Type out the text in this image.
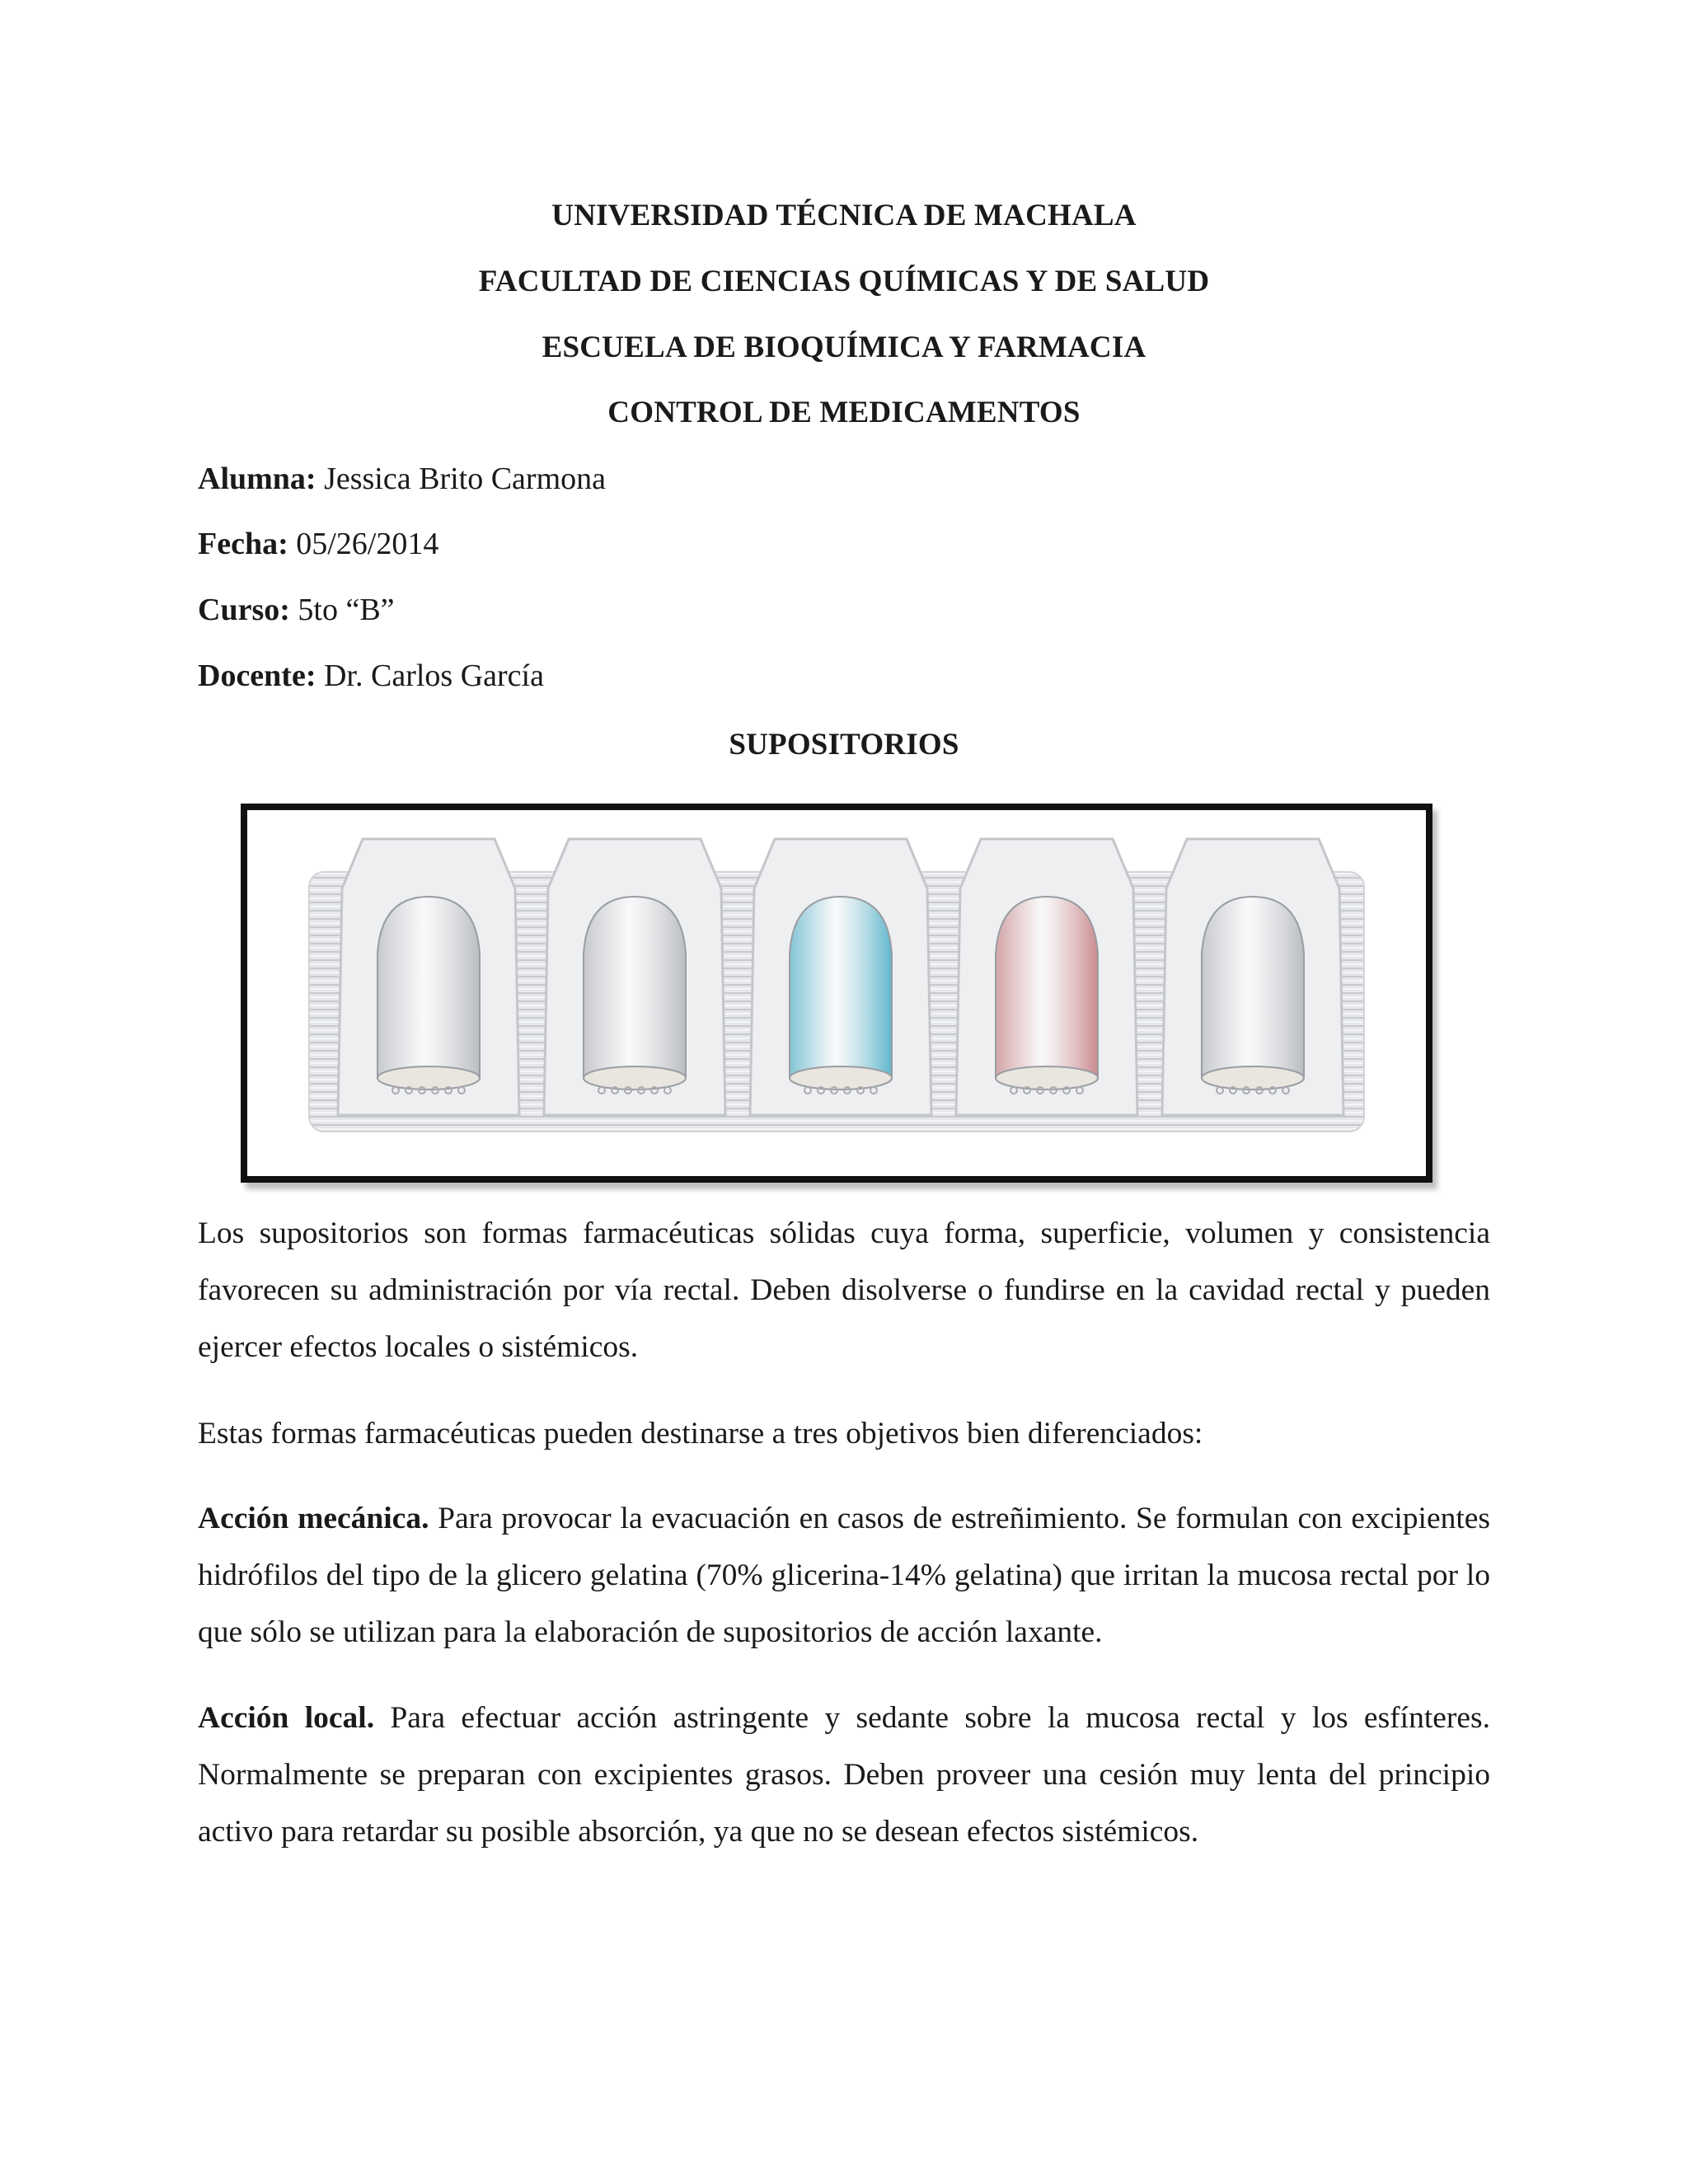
UNIVERSIDAD TÉCNICA DE MACHALA
FACULTAD DE CIENCIAS QUÍMICAS Y DE SALUD
ESCUELA DE BIOQUÍMICA Y FARMACIA
CONTROL DE MEDICAMENTOS
Alumna: Jessica Brito Carmona
Fecha: 05/26/2014
Curso: 5to “B”
Docente: Dr. Carlos García
SUPOSITORIOS
Los supositorios son formas farmacéuticas sólidas cuya forma, superficie, volumen y consistencia favorecen su administración por vía rectal. Deben disolverse o fundirse en la cavidad rectal y pueden ejercer efectos locales o sistémicos.
Estas formas farmacéuticas pueden destinarse a tres objetivos bien diferenciados:
Acción mecánica. Para provocar la evacuación en casos de estreñimiento. Se formulan con excipientes hidrófilos del tipo de la glicero gelatina (70% glicerina-14% gelatina) que irritan la mucosa rectal por lo que sólo se utilizan para la elaboración de supositorios de acción laxante.
Acción local. Para efectuar acción astringente y sedante sobre la mucosa rectal y los esfínteres. Normalmente se preparan con excipientes grasos. Deben proveer una cesión muy lenta del principio activo para retardar su posible absorción, ya que no se desean efectos sistémicos.
